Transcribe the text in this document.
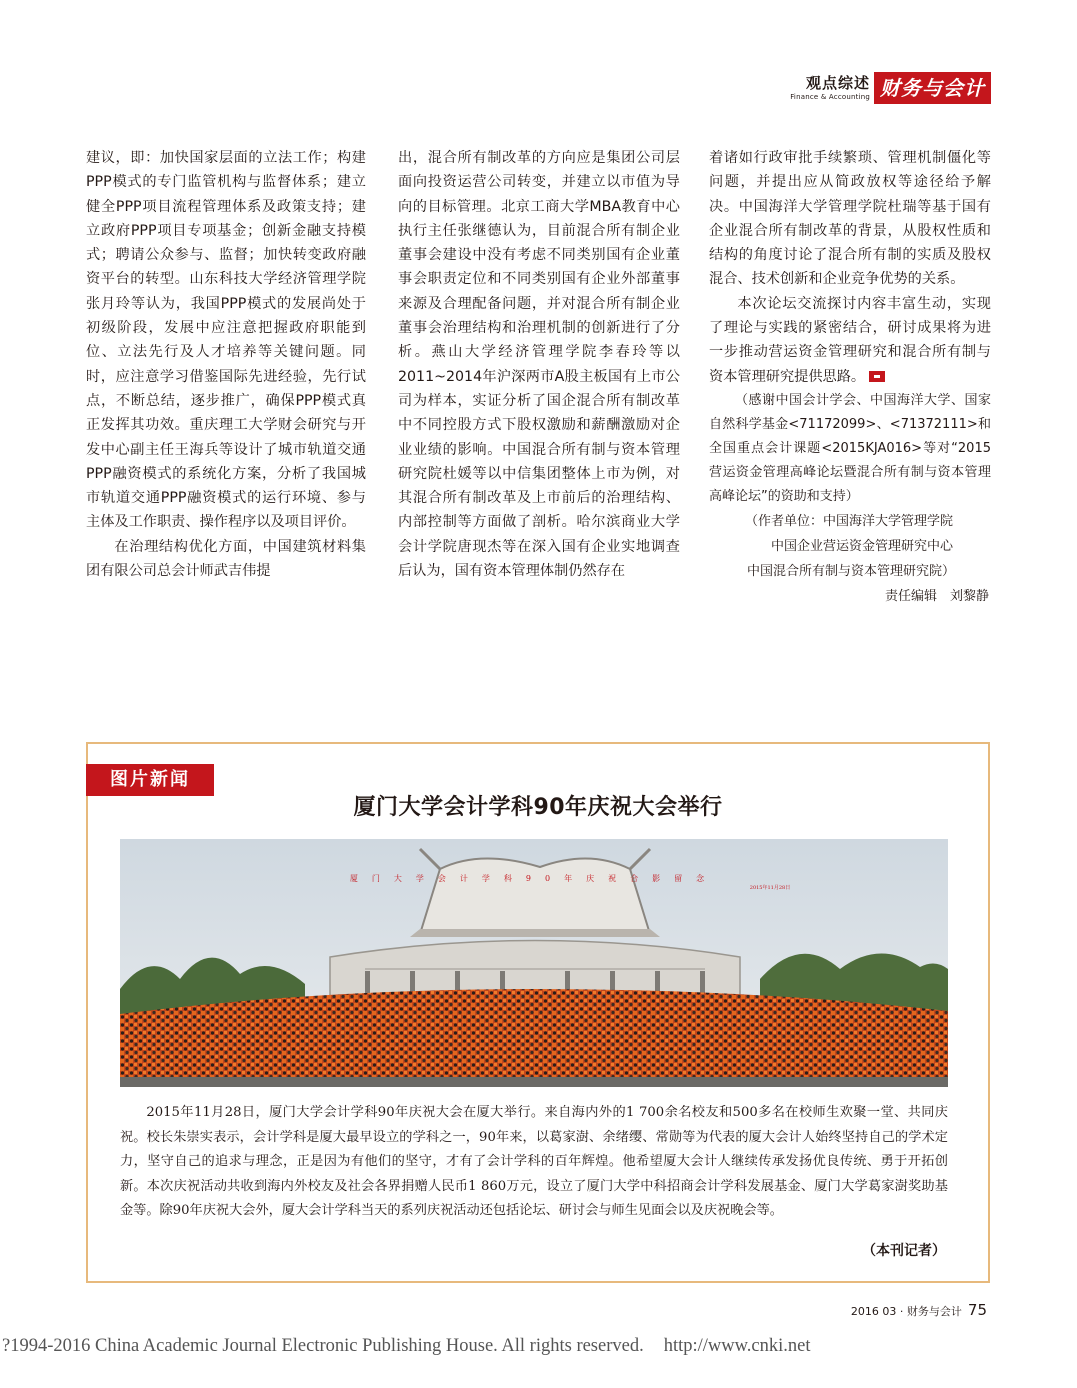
观点综述
Finance & Accounting 财务与会计

建议，即：加快国家层面的立法工作；构建PPP模式的专门监管机构与监督体系；建立健全PPP项目流程管理体系及政策支持；建立政府PPP项目专项基金；创新金融支持模式；聘请公众参与、监督；加快转变政府融资平台的转型。山东科技大学经济管理学院张月玲等认为，我国PPP模式的发展尚处于初级阶段，发展中应注意把握政府职能到位、立法先行及人才培养等关键问题。同时，应注意学习借鉴国际先进经验，先行试点，不断总结，逐步推广，确保PPP模式真正发挥其功效。重庆理工大学财会研究与开发中心副主任王海兵等设计了城市轨道交通PPP融资模式的系统化方案，分析了我国城市轨道交通PPP融资模式的运行环境、参与主体及工作职责、操作程序以及项目评价。

在治理结构优化方面，中国建筑材料集团有限公司总会计师武吉伟提

出，混合所有制改革的方向应是集团公司层面向投资运营公司转变，并建立以市值为导向的目标管理。北京工商大学MBA教育中心执行主任张继德认为，目前混合所有制企业董事会建设中没有考虑不同类别国有企业董事会职责定位和不同类别国有企业外部董事来源及合理配备问题，并对混合所有制企业董事会治理结构和治理机制的创新进行了分析。燕山大学经济管理学院李春玲等以2011~2014年沪深两市A股主板国有上市公司为样本，实证分析了国企混合所有制改革中不同控股方式下股权激励和薪酬激励对企业业绩的影响。中国混合所有制与资本管理研究院杜媛等以中信集团整体上市为例，对其混合所有制改革及上市前后的治理结构、内部控制等方面做了剖析。哈尔滨商业大学会计学院唐现杰等在深入国有企业实地调查后认为，国有资本管理体制仍然存在

着诸如行政审批手续繁琐、管理机制僵化等问题，并提出应从简政放权等途径给予解决。中国海洋大学管理学院杜瑞等基于国有企业混合所有制改革的背景，从股权性质和结构的角度讨论了混合所有制的实质及股权混合、技术创新和企业竞争优势的关系。

本次论坛交流探讨内容丰富生动，实现了理论与实践的紧密结合，研讨成果将为进一步推动营运资金管理研究和混合所有制与资本管理研究提供思路。

（感谢中国会计学会、中国海洋大学、国家自然科学基金<71172099>、<71372111>和全国重点会计课题<2015KJA016>等对“2015营运资金管理高峰论坛暨混合所有制与资本管理高峰论坛”的资助和支持）

（作者单位：中国海洋大学管理学院
中国企业营运资金管理研究中心
中国混合所有制与资本管理研究院）

责任编辑　刘黎静
图片新闻
厦门大学会计学科90年庆祝大会举行
厦门大学会计学科90年庆祝合影留念
2015年11月28日

2015年11月28日，厦门大学会计学科90年庆祝大会在厦大举行。来自海内外的1 700余名校友和500多名在校师生欢聚一堂、共同庆祝。校长朱崇实表示，会计学科是厦大最早设立的学科之一，90年来，以葛家澍、余绪缨、常勋等为代表的厦大会计人始终坚持自己的学术定力，坚守自己的追求与理念，正是因为有他们的坚守，才有了会计学科的百年辉煌。他希望厦大会计人继续传承发扬优良传统、勇于开拓创新。本次庆祝活动共收到海内外校友及社会各界捐赠人民币1 860万元，设立了厦门大学中科招商会计学科发展基金、厦门大学葛家澍奖助基金等。除90年庆祝大会外，厦大会计学科当天的系列庆祝活动还包括论坛、研讨会与师生见面会以及庆祝晚会等。

（本刊记者）
2016 03 · 财务与会计 75
?1994-2016 China Academic Journal Electronic Publishing House. All rights reserved. http://www.cnki.net
